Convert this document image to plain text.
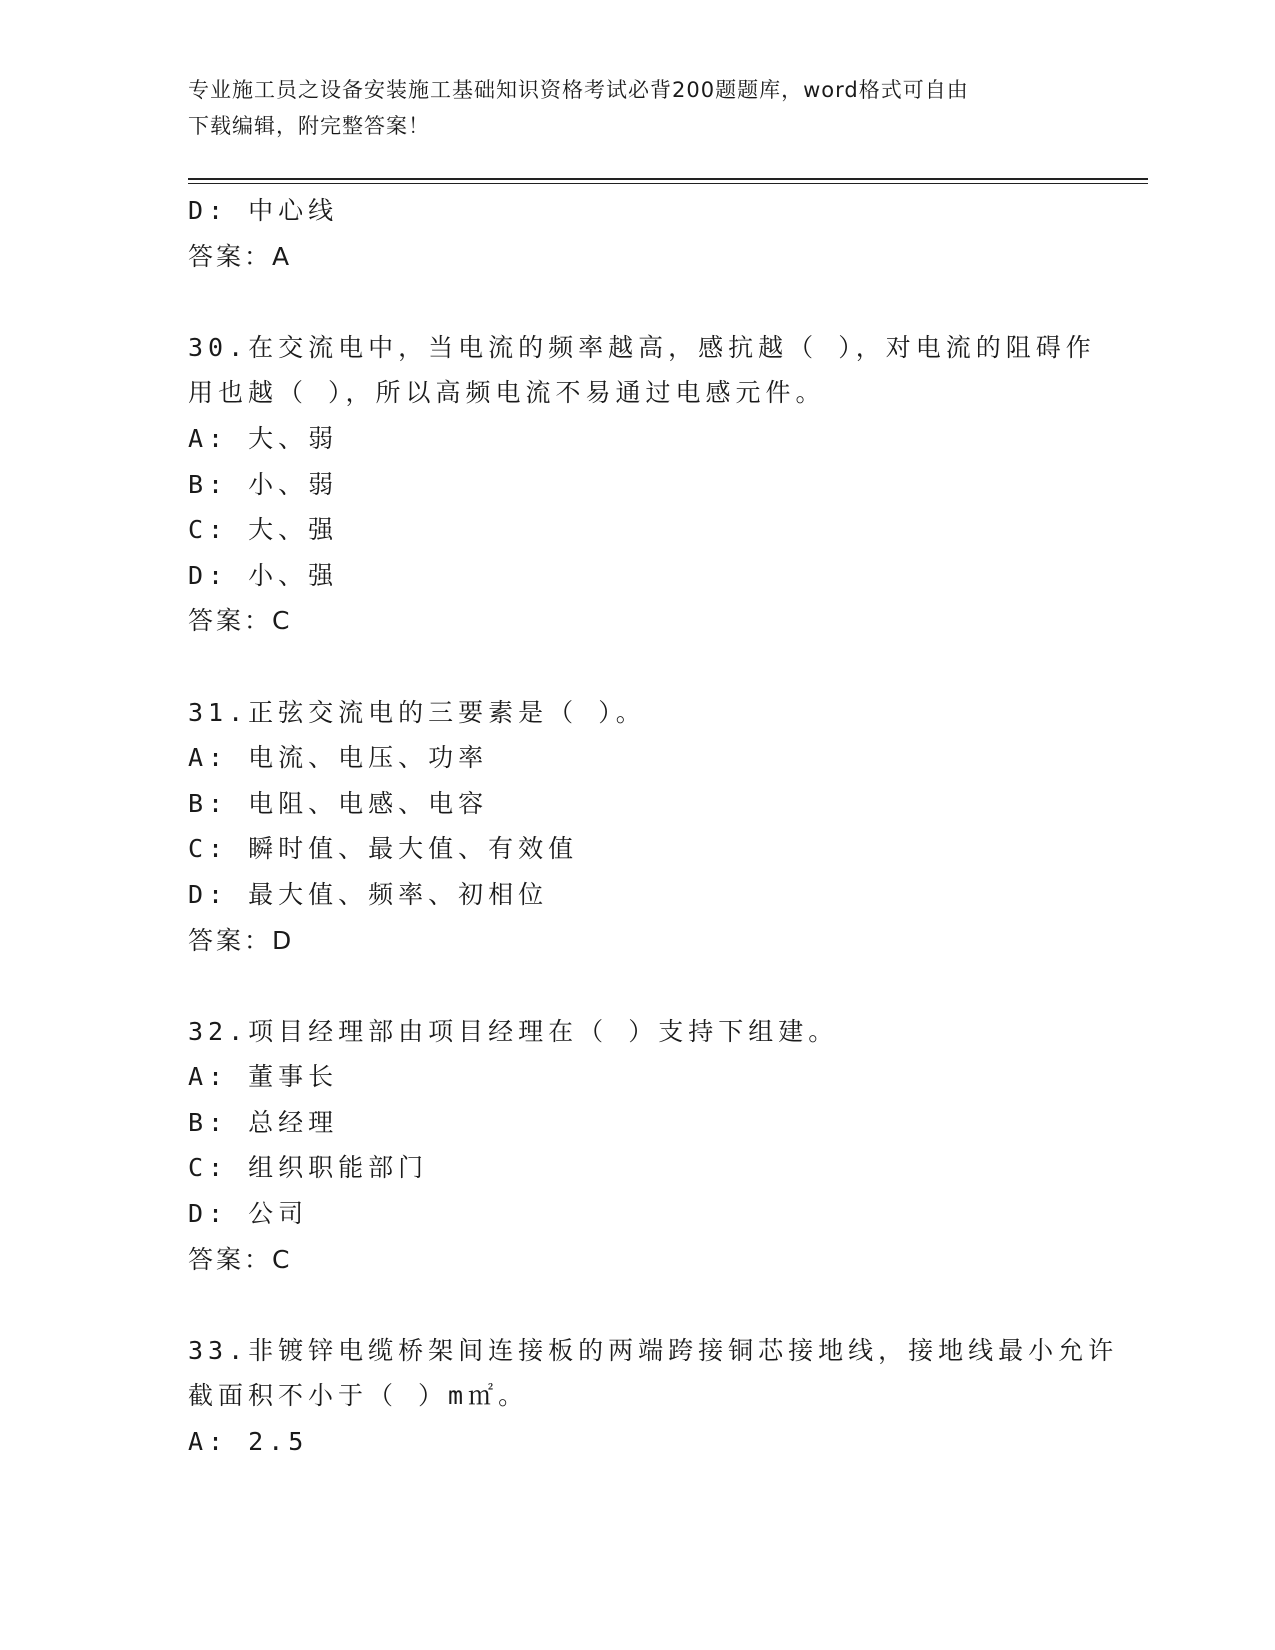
专业施工员之设备安装施工基础知识资格考试必背200题题库，word格式可自由
下载编辑，附完整答案！
D: 中心线
答案：A
30.在交流电中，当电流的频率越高，感抗越（ ），对电流的阻碍作
用也越（ ），所以高频电流不易通过电感元件。
A: 大、弱
B: 小、弱
C: 大、强
D: 小、强
答案：C
31.正弦交流电的三要素是（ ）。
A: 电流、电压、功率
B: 电阻、电感、电容
C: 瞬时值、最大值、有效值
D: 最大值、频率、初相位
答案：D
32.项目经理部由项目经理在（ ）支持下组建。
A: 董事长
B: 总经理
C: 组织职能部门
D: 公司
答案：C
33.非镀锌电缆桥架间连接板的两端跨接铜芯接地线，接地线最小允许
截面积不小于（ ）m㎡。
A: 2.5
